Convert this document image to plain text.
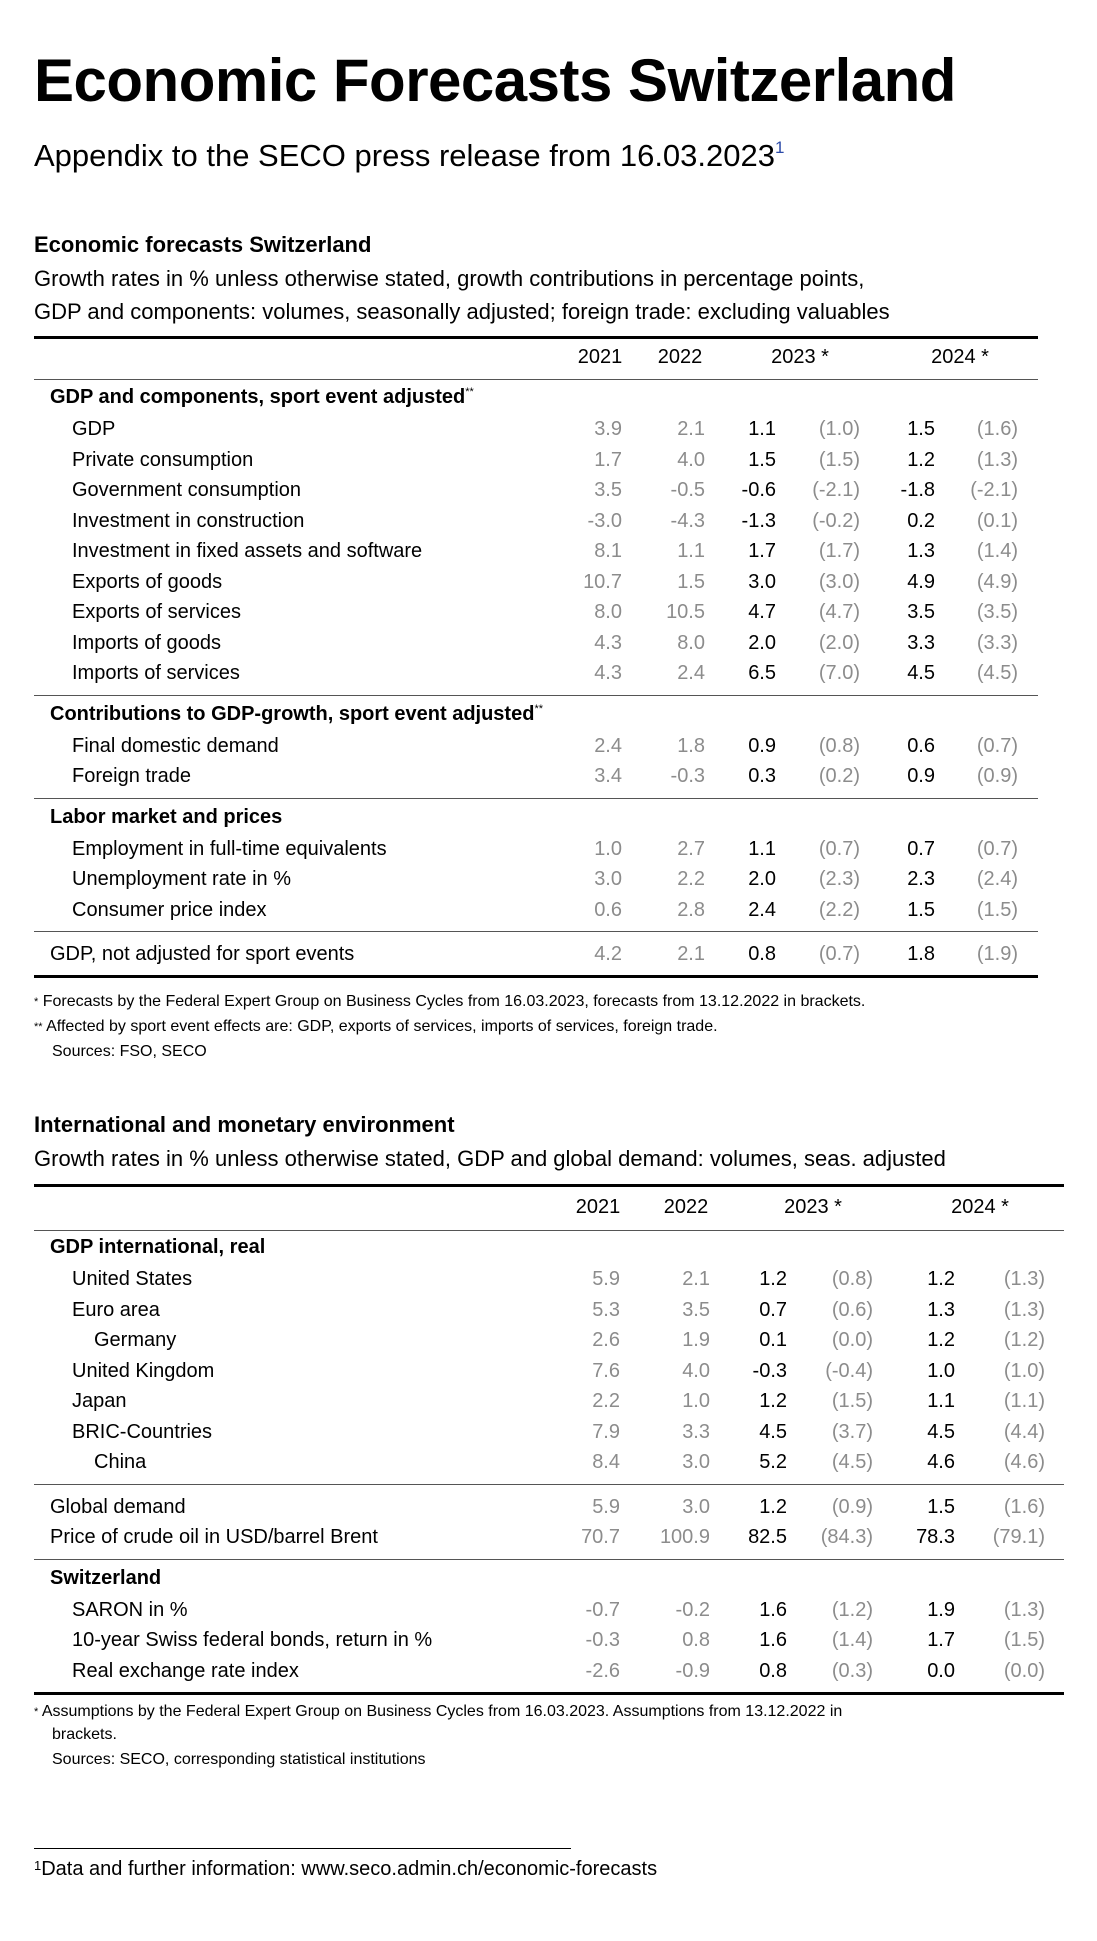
Economic Forecasts Switzerland
Appendix to the SECO press release from 16.03.2023$^1$
Economic forecasts Switzerland
Growth rates in % unless otherwise stated, growth contributions in percentage points,
GDP and components: volumes, seasonally adjusted; foreign trade: excluding valuables
2021 2022	2023 *	2024 *
GDP and components, sport event adjusted**
GDP	3.9	2.1 1.1 (1.0) 1.5 (1.6)
Private consumption	1.7	4.0 1.5 (1.5) 1.2 (1.3)
Government consumption	3.5 -0.5 -0.6 (-2.1) -1.8 (-2.1)
Investment in construction	-3.0 -4.3 -1.3 (-0.2) 0.2 (0.1)
Investment in fixed assets and software	8.1	1.1 1.7 (1.7) 1.3 (1.4)
Exports of goods	10.7	1.5 3.0 (3.0) 4.9 (4.9)
Exports of services	8.0 10.5 4.7 (4.7) 3.5 (3.5)
Imports of goods	4.3	8.0 2.0 (2.0) 3.3 (3.3)
Imports of services	4.3	2.4 6.5 (7.0) 4.5 (4.5)
Contributions to GDP-growth, sport event adjusted**
Final domestic demand	2.4	1.8 0.9 (0.8) 0.6 (0.7)
Foreign trade	3.4 -0.3 0.3 (0.2) 0.9 (0.9)
Labor market and prices
Employment in full-time equivalents	1.0	2.7 1.1 (0.7) 0.7 (0.7)
Unemployment rate in %	3.0	2.2 2.0 (2.3) 2.3 (2.4)
Consumer price index	0.6	2.8 2.4 (2.2) 1.5 (1.5)
GDP, not adjusted for sport events	4.2	2.1 0.8 (0.7) 1.8 (1.9)
* Forecasts by the Federal Expert Group on Business Cycles from 16.03.2023, forecasts from 13.12.2022 in brackets.
** Affected by sport event effects are: GDP, exports of services, imports of services, foreign trade.
Sources: FSO, SECO
International and monetary environment
Growth rates in % unless otherwise stated, GDP and global demand: volumes, seas. adjusted
2021 2022	2023 *	2024 *
GDP international, real
United States	5.9	2.1 1.2 (0.8)	1.2 (1.3)
Euro area	5.3	3.5 0.7 (0.6)	1.3 (1.3)
Germany	2.6	1.9 0.1 (0.0)	1.2 (1.2)
United Kingdom	7.6	4.0 -0.3 (-0.4)	1.0 (1.0)
Japan	2.2	1.0 1.2 (1.5)	1.1 (1.1)
BRIC-Countries	7.9	3.3 4.5 (3.7)	4.5 (4.4)
China	8.4	3.0 5.2 (4.5)	4.6 (4.6)
Global demand	5.9	3.0 1.2 (0.9)	1.5 (1.6)
Price of crude oil in USD/barrel Brent	70.7 100.9 82.5 (84.3) 78.3 (79.1)
Switzerland
SARON in %	-0.7	-0.2 1.6 (1.2)	1.9 (1.3)
10-year Swiss federal bonds, return in %	-0.3	0.8 1.6 (1.4)	1.7 (1.5)
Real exchange rate index	-2.6	-0.9 0.8 (0.3)	0.0 (0.0)
* Assumptions by the Federal Expert Group on Business Cycles from 16.03.2023. Assumptions from 13.12.2022 in
brackets.
Sources: SECO, corresponding statistical institutions
$^1$Data and further information: www.seco.admin.ch/economic-forecasts
